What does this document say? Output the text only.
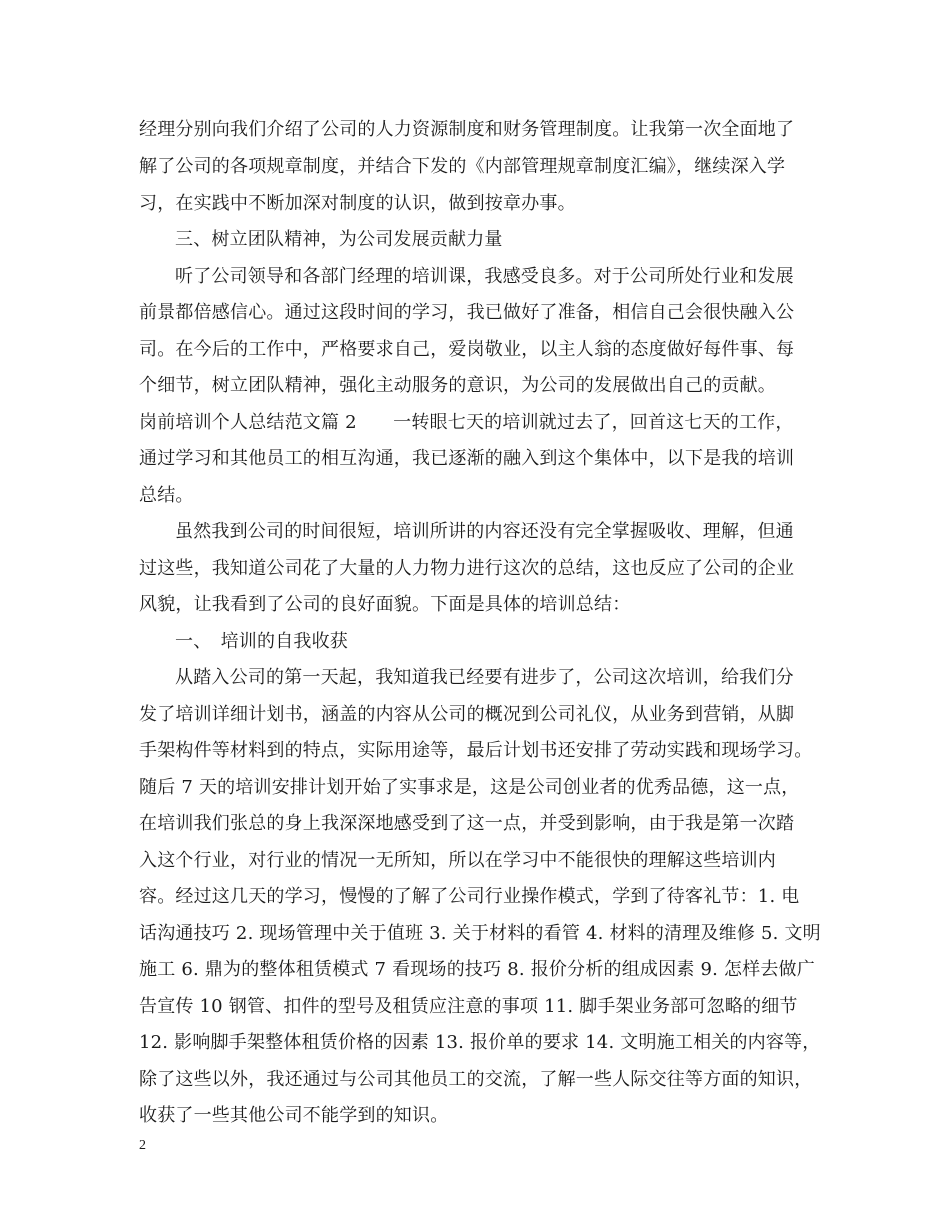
经理分别向我们介绍了公司的人力资源制度和财务管理制度。让我第一次全面地了
解了公司的各项规章制度，并结合下发的《内部管理规章制度汇编》，继续深入学
习，在实践中不断加深对制度的认识，做到按章办事。
三、树立团队精神，为公司发展贡献力量
听了公司领导和各部门经理的培训课，我感受良多。对于公司所处行业和发展
前景都倍感信心。通过这段时间的学习，我已做好了准备，相信自己会很快融入公
司。在今后的工作中，严格要求自己，爱岗敬业，以主人翁的态度做好每件事、每
个细节，树立团队精神，强化主动服务的意识，为公司的发展做出自己的贡献。
岗前培训个人总结范文篇 2　　一转眼七天的培训就过去了，回首这七天的工作，
通过学习和其他员工的相互沟通，我已逐渐的融入到这个集体中，以下是我的培训
总结。
虽然我到公司的时间很短，培训所讲的内容还没有完全掌握吸收、理解，但通
过这些，我知道公司花了大量的人力物力进行这次的总结，这也反应了公司的企业
风貌，让我看到了公司的良好面貌。下面是具体的培训总结：
一、　培训的自我收获
从踏入公司的第一天起，我知道我已经要有进步了，公司这次培训，给我们分
发了培训详细计划书，涵盖的内容从公司的概况到公司礼仪，从业务到营销，从脚
手架构件等材料到的特点，实际用途等，最后计划书还安排了劳动实践和现场学习。
随后 7 天的培训安排计划开始了实事求是，这是公司创业者的优秀品德，这一点，
在培训我们张总的身上我深深地感受到了这一点，并受到影响，由于我是第一次踏
入这个行业，对行业的情况一无所知，所以在学习中不能很快的理解这些培训内
容。经过这几天的学习，慢慢的了解了公司行业操作模式，学到了待客礼节：1. 电
话沟通技巧 2. 现场管理中关于值班 3. 关于材料的看管 4. 材料的清理及维修 5. 文明
施工 6. 鼎为的整体租赁模式 7 看现场的技巧 8. 报价分析的组成因素 9. 怎样去做广
告宣传 10 钢管、扣件的型号及租赁应注意的事项 11. 脚手架业务部可忽略的细节
12. 影响脚手架整体租赁价格的因素 13. 报价单的要求 14. 文明施工相关的内容等，
除了这些以外，我还通过与公司其他员工的交流，了解一些人际交往等方面的知识，
收获了一些其他公司不能学到的知识。
2
